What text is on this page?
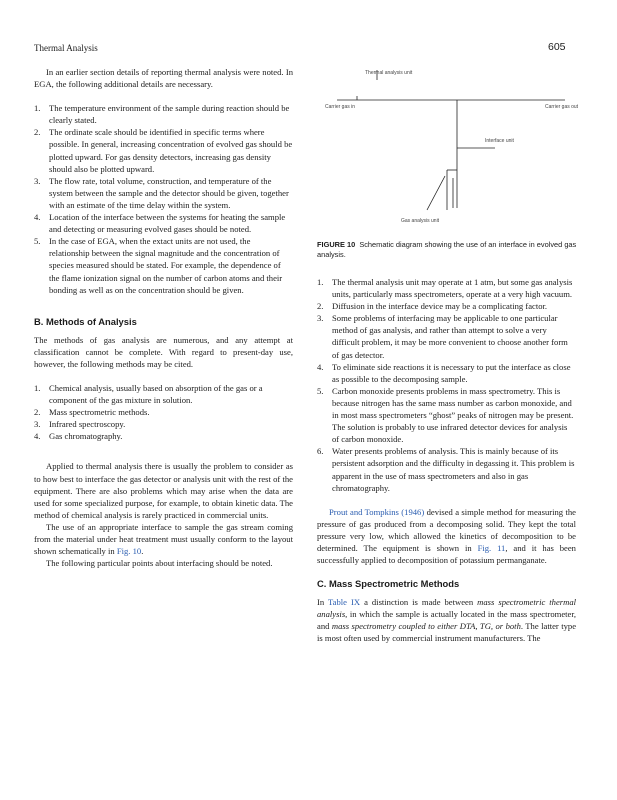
Thermal Analysis	605

In an earlier section details of reporting thermal analysis were noted. In EGA, the following additional details are necessary.

1. The temperature environment of the sample during reaction should be clearly stated.
2. The ordinate scale should be identified in specific terms where possible. In general, increasing concentration of evolved gas should be plotted upward. For gas density detectors, increasing gas density should also be plotted upward.
3. The flow rate, total volume, construction, and temperature of the system between the sample and the detector should be given, together with an estimate of the time delay within the system.
4. Location of the interface between the systems for heating the sample and detecting or measuring evolved gases should be noted.
5. In the case of EGA, when the extact units are not used, the relationship between the signal magnitude and the concentration of species measured should be stated. For example, the dependence of the flame ionization signal on the number of carbon atoms and their bonding as well as on the concentration should be given.
B. Methods of Analysis

The methods of gas analysis are numerous, and any attempt at classification cannot be complete. With regard to present-day use, however, the following methods may be cited.

1. Chemical analysis, usually based on absorption of the gas or a component of the gas mixture in solution.
2. Mass spectrometric methods.
3. Infrared spectroscopy.
4. Gas chromatography.

Applied to thermal analysis there is usually the problem to consider as to how best to interface the gas detector or analysis unit with the rest of the equipment. There are also problems which may arise when the data are used for some specialized purpose, for example, to obtain kinetic data. The method of chemical analysis is rarely practiced in commercial units.

The use of an appropriate interface to sample the gas stream coming from the material under heat treatment must usually conform to the layout shown schematically in Fig. 10.

The following particular points about interfacing should be noted.

Thermal analysis unit
Carrier gas in	Carrier gas out
Interface unit
Gas analysis unit
FIGURE 10 Schematic diagram showing the use of an interface in evolved gas analysis.
1. The thermal analysis unit may operate at 1 atm, but some gas analysis units, particularly mass spectrometers, operate at a very high vacuum.
2. Diffusion in the interface device may be a complicating factor.
3. Some problems of interfacing may be applicable to one particular method of gas analysis, and rather than attempt to solve a very difficult problem, it may be more convenient to choose another form of gas detector.
4. To eliminate side reactions it is necessary to put the interface as close as possible to the decomposing sample.
5. Carbon monoxide presents problems in mass spectrometry. This is because nitrogen has the same mass number as carbon monoxide, and in most mass spectrometers “ghost” peaks of nitrogen may be present. The solution is probably to use infrared detector devices for analysis of carbon monoxide.
6. Water presents problems of analysis. This is mainly because of its persistent adsorption and the difficulty in degassing it. This problem is apparent in the use of mass spectrometers and also in gas chromatography.

Prout and Tompkins (1946) devised a simple method for measuring the pressure of gas produced from a decomposing solid. They kept the total pressure very low, which allowed the kinetics of decomposition to be determined. The equipment is shown in Fig. 11, and it has been successfully applied to decomposition of potassium permanganate.

C. Mass Spectrometric Methods

In Table IX a distinction is made between mass spectrometric thermal analysis, in which the sample is actually located in the mass spectrometer, and mass spectrometry coupled to either DTA, TG, or both. The latter type is most often used by commercial instrument manufacturers. The
